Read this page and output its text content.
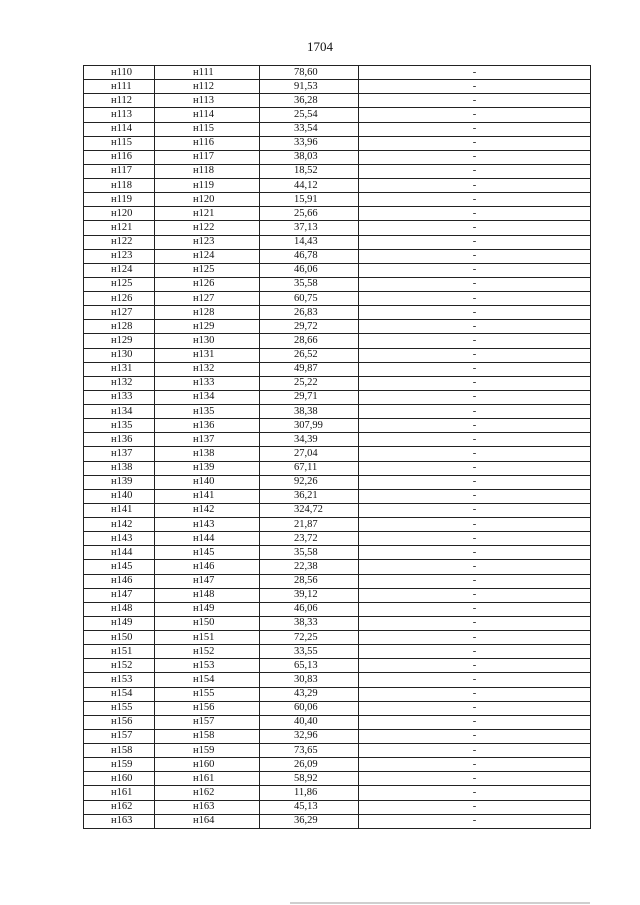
1704
н110	н111	78,60	-
н111	н112	91,53	-
н112	н113	36,28	-
н113	н114	25,54	-
н114	н115	33,54	-
н115	н116	33,96	-
н116	н117	38,03	-
н117	н118	18,52	-
н118	н119	44,12	-
н119	н120	15,91	-
н120	н121	25,66	-
н121	н122	37,13	-
н122	н123	14,43	-
н123	н124	46,78	-
н124	н125	46,06	-
н125	н126	35,58	-
н126	н127	60,75	-
н127	н128	26,83	-
н128	н129	29,72	-
н129	н130	28,66	-
н130	н131	26,52	-
н131	н132	49,87	-
н132	н133	25,22	-
н133	н134	29,71	-
н134	н135	38,38	-
н135	н136	307,99	-
н136	н137	34,39	-
н137	н138	27,04	-
н138	н139	67,11	-
н139	н140	92,26	-
н140	н141	36,21	-
н141	н142	324,72	-
н142	н143	21,87	-
н143	н144	23,72	-
н144	н145	35,58	-
н145	н146	22,38	-
н146	н147	28,56	-
н147	н148	39,12	-
н148	н149	46,06	-
н149	н150	38,33	-
н150	н151	72,25	-
н151	н152	33,55	-
н152	н153	65,13	-
н153	н154	30,83	-
н154	н155	43,29	-
н155	н156	60,06	-
н156	н157	40,40	-
н157	н158	32,96	-
н158	н159	73,65	-
н159	н160	26,09	-
н160	н161	58,92	-
н161	н162	11,86	-
н162	н163	45,13	-
н163	н164	36,29	-
